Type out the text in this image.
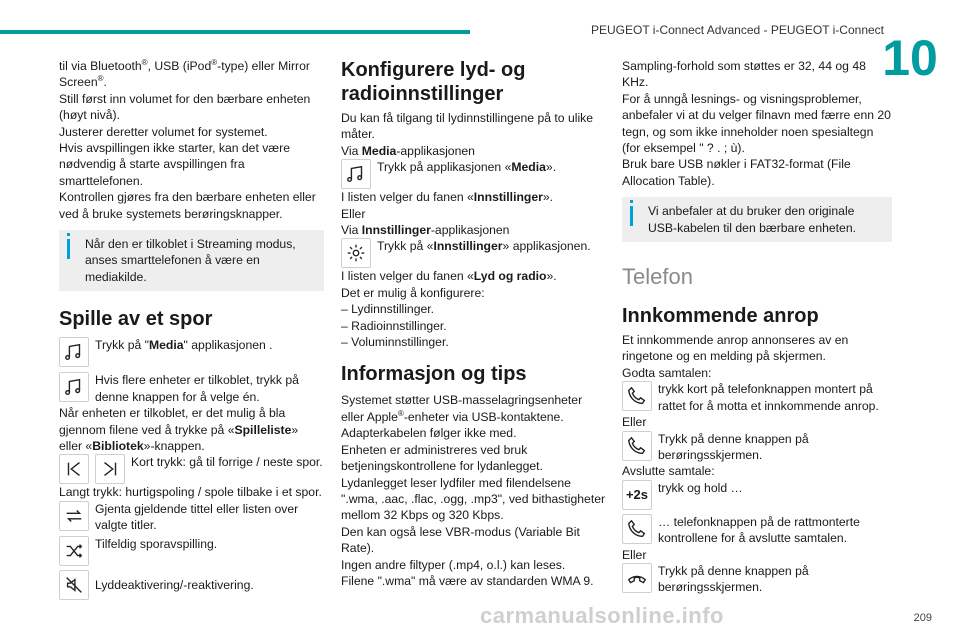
PEUGEOT i-Connect Advanced - PEUGEOT i-Connect
10

til via Bluetooth®, USB (iPod®-type) eller Mirror Screen®.

Still først inn volumet for den bærbare enheten (høyt nivå).

Justerer deretter volumet for systemet.

Hvis avspillingen ikke starter, kan det være nødvendig å starte avspillingen fra smarttelefonen.

Kontrollen gjøres fra den bærbare enheten eller ved å bruke systemets berøringsknapper.

Når den er tilkoblet i Streaming modus, anses smarttelefonen å være en mediakilde.
Spille av et spor

Trykk på "Media" applikasjonen .

Hvis flere enheter er tilkoblet, trykk på denne knappen for å velge én.

Når enheten er tilkoblet, er det mulig å bla gjennom filene ved å trykke på «Spilleliste» eller «Bibliotek»-knappen.

Kort trykk: gå til forrige / neste spor.

Langt trykk: hurtigspoling / spole tilbake i et spor.

Gjenta gjeldende tittel eller listen over valgte titler.

Tilfeldig sporavspilling.

Lyddeaktivering/-reaktivering.

Konfigurere lyd- og radioinnstillinger

Du kan få tilgang til lydinnstillingene på to ulike måter.

Via Media-applikasjonen

Trykk på applikasjonen «Media».

I listen velger du fanen «Innstillinger».

Eller

Via Innstillinger-applikasjonen

Trykk på «Innstillinger» applikasjonen.

I listen velger du fanen «Lyd og radio».

Det er mulig å konfigurere:

– Lydinnstillinger.

– Radioinnstillinger.

– Voluminnstillinger.

Informasjon og tips

Systemet støtter USB-masselagringsenheter eller Apple®-enheter via USB-kontaktene.

Adapterkabelen følger ikke med.

Enheten er administreres ved bruk betjeningskontrollene for lydanlegget.

Lydanlegget leser lydfiler med filendelsene ".wma, .aac, .flac, .ogg, .mp3", ved bithastigheter mellom 32 Kbps og 320 Kbps.

Den kan også lese VBR-modus (Variable Bit Rate).

Ingen andre filtyper (.mp4, o.l.) kan leses.

Filene ".wma" må være av standarden WMA 9.

Sampling-forhold som støttes er 32, 44 og 48 KHz.

For å unngå lesnings- og visningsproblemer, anbefaler vi at du velger filnavn med færre enn 20 tegn, og som ikke inneholder noen spesialtegn (for eksempel " ? . ; ù).

Bruk bare USB nøkler i FAT32-format (File Allocation Table).

Vi anbefaler at du bruker den originale USB-kabelen til den bærbare enheten.
Telefon
Innkommende anrop

Et innkommende anrop annonseres av en ringetone og en melding på skjermen.

Godta samtalen:

trykk kort på telefonknappen montert på rattet for å motta et innkommende anrop.

Eller

Trykk på denne knappen på berøringsskjermen.

Avslutte samtale:

+2s trykk og hold …

… telefonknappen på de rattmonterte kontrollene for å avslutte samtalen.

Eller

Trykk på denne knappen på berøringsskjermen.

carmanualsonline.info	209
